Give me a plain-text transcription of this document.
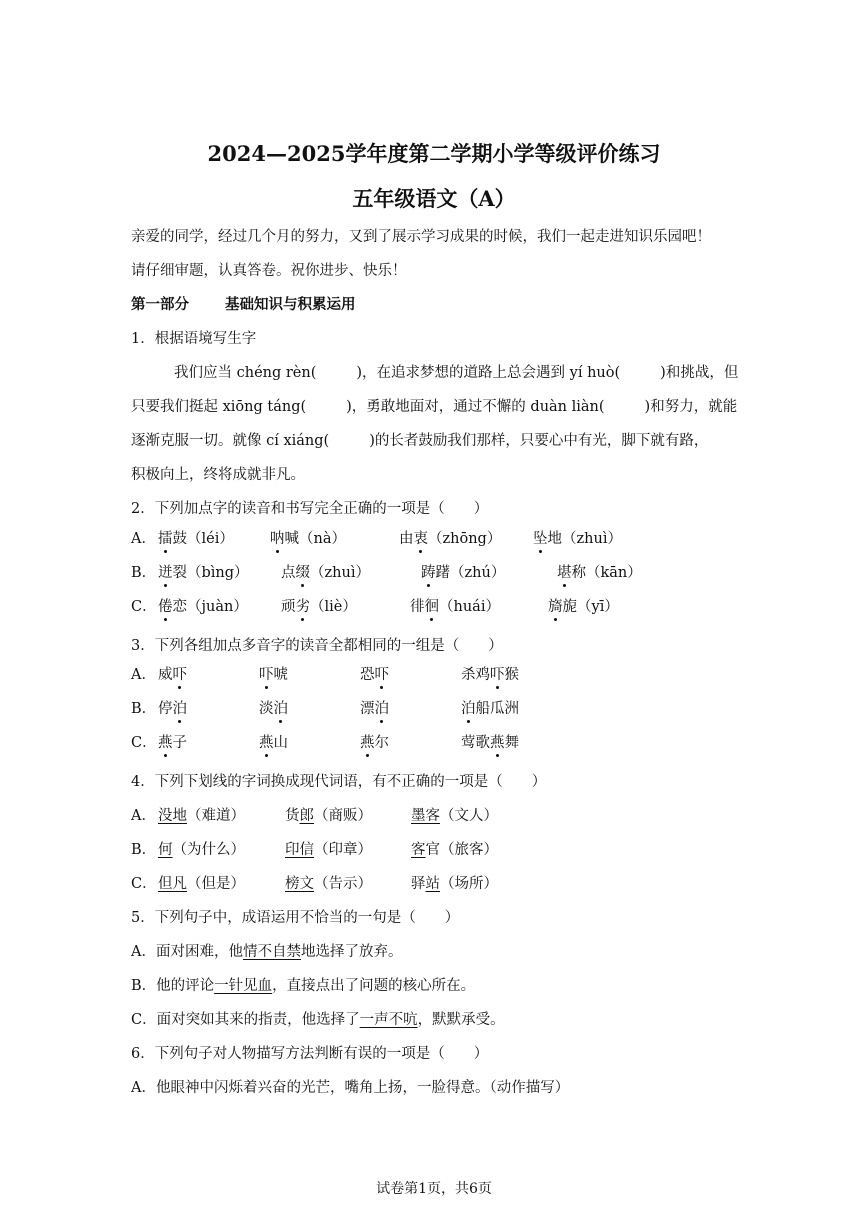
2024—2025学年度第二学期小学等级评价练习
五年级语文（A）
亲爱的同学，经过几个月的努力，又到了展示学习成果的时候，我们一起走进知识乐园吧！
请仔细审题，认真答卷。祝你进步、快乐！
第一部分 基础知识与积累运用
1．根据语境写生字
我们应当 chéng rèn(	)，在追求梦想的道路上总会遇到 yí huò(	)和挑战，但
只要我们挺起 xiōng táng(	)，勇敢地面对，通过不懈的 duàn liàn(	)和努力，就能
逐渐克服一切。就像 cí xiáng(	)的长者鼓励我们那样，只要心中有光，脚下就有路，
积极向上，终将成就非凡。
2．下列加点字的读音和书写完全正确的一项是（　　）
A． 擂鼓（léi） 呐喊（nà）	由衷（zhōng） 坠地（zhuì）
B． 迸裂（bìng） 点缀（zhuì）	踌躇（zhú）	堪称（kān）
C．倦恋（juàn） 顽劣（liè）	徘徊（huái）	旖旎（yī）
3．下列各组加点多音字的读音全都相同的一组是（　　）
A． 威吓	吓唬	恐吓	杀鸡吓猴
B． 停泊	淡泊	漂泊	泊船瓜洲
C．燕子	燕山	燕尔	莺歌燕舞
4．下列下划线的字词换成现代词语，有不正确的一项是（　　）
A． 没地（难道）	货郎（商贩）	墨客（文人）
B． 何（为什么）	印信（印章）	客官（旅客）
C．但凡（但是）	榜文（告示）	驿站（场所）
5．下列句子中，成语运用不恰当的一句是（　　）
A．面对困难，他情不自禁地选择了放弃。
B．他的评论一针见血，直接点出了问题的核心所在。
C．面对突如其来的指责，他选择了一声不吭，默默承受。
6．下列句子对人物描写方法判断有误的一项是（　　）
A．他眼神中闪烁着兴奋的光芒，嘴角上扬，一脸得意。（动作描写）
试卷第1页，共6页
